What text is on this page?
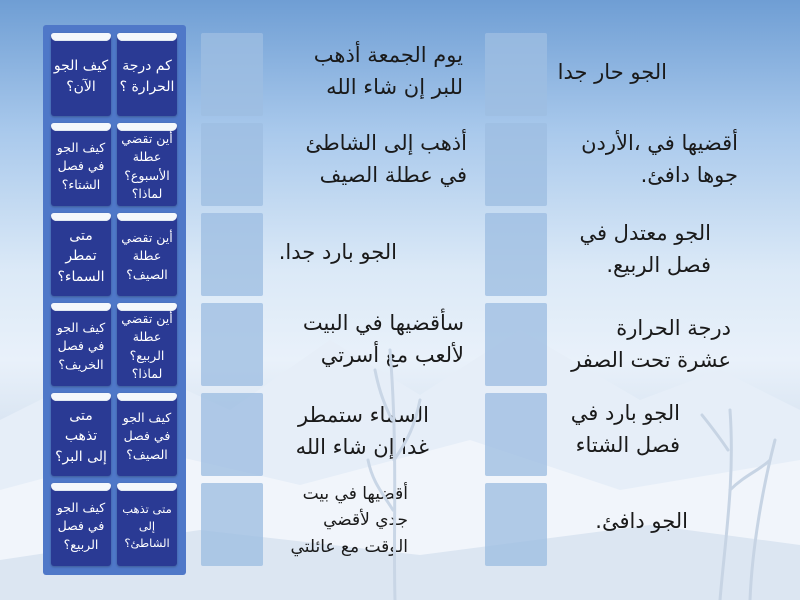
كم درجة الحرارة ؟
كيف الجو الآن؟
أين تقضي عطلة الأسبوع؟ لماذا؟
كيف الجو في فصل الشتاء؟
أين تقضي عطلة الصيف؟
متى تمطر السماء؟
أين تقضي عطلة الربيع؟ لماذا؟
كيف الجو في فصل الخريف؟
كيف الجو في فصل الصيف؟
متى تذهب إلى البر؟
متى تذهب إلى الشاطئ؟
كيف الجو في فصل الربيع؟
يوم الجمعة أذهب
للبر إن شاء الله
أذهب إلى الشاطئ
في عطلة الصيف
الجو بارد جدا.
سأقضيها في البيت
لألعب مع أسرتي
السماء ستمطر
غدا إن شاء الله
أقضيها في بيت
جدي لأقضي
الوقت مع عائلتي
الجو حار جدا
أقضيها في ،الأردن
جوها دافئ.
الجو معتدل في
فصل الربيع.
درجة الحرارة
عشرة تحت الصفر
الجو بارد في
فصل الشتاء
الجو دافئ.
